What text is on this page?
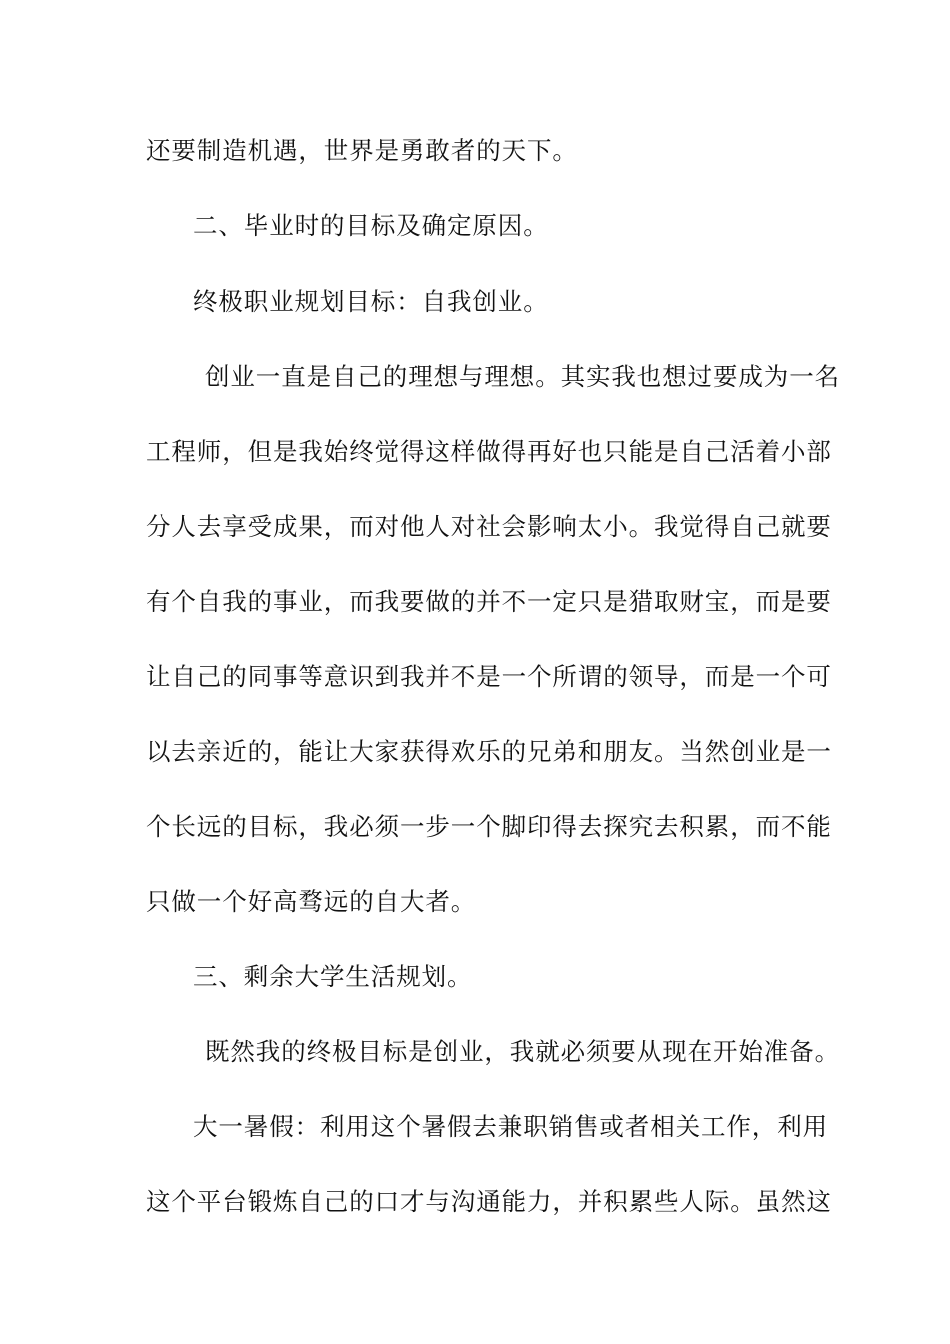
还要制造机遇，世界是勇敢者的天下。
二、毕业时的目标及确定原因。
终极职业规划目标：自我创业。
创业一直是自己的理想与理想。其实我也想过要成为一名
工程师，但是我始终觉得这样做得再好也只能是自己活着小部
分人去享受成果，而对他人对社会影响太小。我觉得自己就要
有个自我的事业，而我要做的并不一定只是猎取财宝，而是要
让自己的同事等意识到我并不是一个所谓的领导，而是一个可
以去亲近的，能让大家获得欢乐的兄弟和朋友。当然创业是一
个长远的目标，我必须一步一个脚印得去探究去积累，而不能
只做一个好高骛远的自大者。
三、剩余大学生活规划。
既然我的终极目标是创业，我就必须要从现在开始准备。
大一暑假：利用这个暑假去兼职销售或者相关工作，利用
这个平台锻炼自己的口才与沟通能力，并积累些人际。虽然这
